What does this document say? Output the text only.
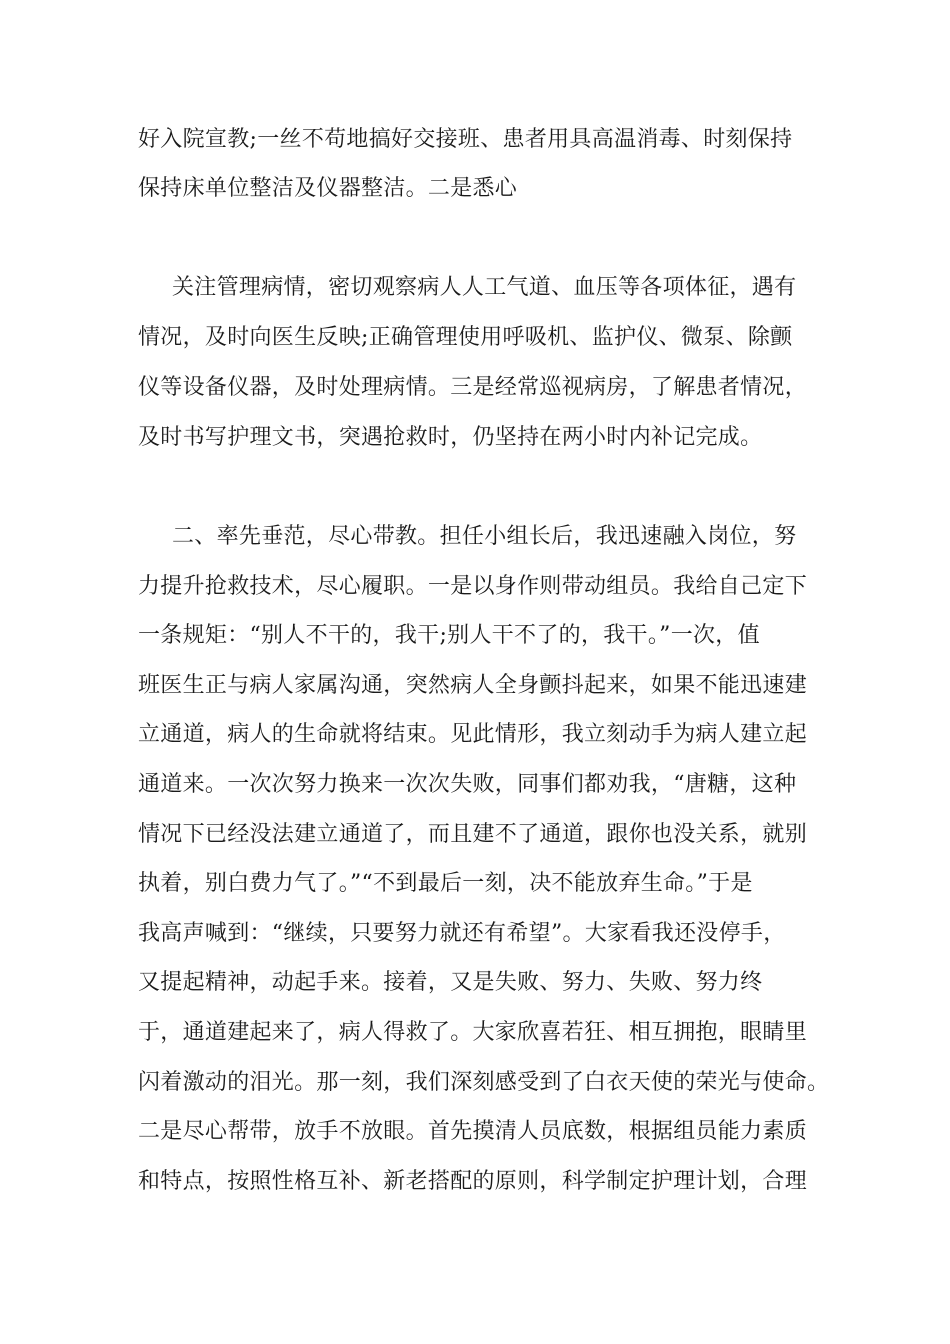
好入院宣教;一丝不苟地搞好交接班、患者用具高温消毒、时刻保持

保持床单位整洁及仪器整洁。二是悉心

关注管理病情，密切观察病人人工气道、血压等各项体征，遇有

情况，及时向医生反映;正确管理使用呼吸机、监护仪、微泵、除颤

仪等设备仪器，及时处理病情。三是经常巡视病房，了解患者情况，

及时书写护理文书，突遇抢救时，仍坚持在两小时内补记完成。

二、率先垂范，尽心带教。担任小组长后，我迅速融入岗位，努

力提升抢救技术，尽心履职。一是以身作则带动组员。我给自己定下

一条规矩：“别人不干的，我干;别人干不了的，我干。”一次，值

班医生正与病人家属沟通，突然病人全身颤抖起来，如果不能迅速建

立通道，病人的生命就将结束。见此情形，我立刻动手为病人建立起

通道来。一次次努力换来一次次失败，同事们都劝我，“唐糖，这种

情况下已经没法建立通道了，而且建不了通道，跟你也没关系，就别

执着，别白费力气了。”“不到最后一刻，决不能放弃生命。”于是

我高声喊到：“继续，只要努力就还有希望”。大家看我还没停手，

又提起精神，动起手来。接着，又是失败、努力、失败、努力终

于，通道建起来了，病人得救了。大家欣喜若狂、相互拥抱，眼睛里

闪着激动的泪光。那一刻，我们深刻感受到了白衣天使的荣光与使命。

二是尽心帮带，放手不放眼。首先摸清人员底数，根据组员能力素质

和特点，按照性格互补、新老搭配的原则，科学制定护理计划，合理
